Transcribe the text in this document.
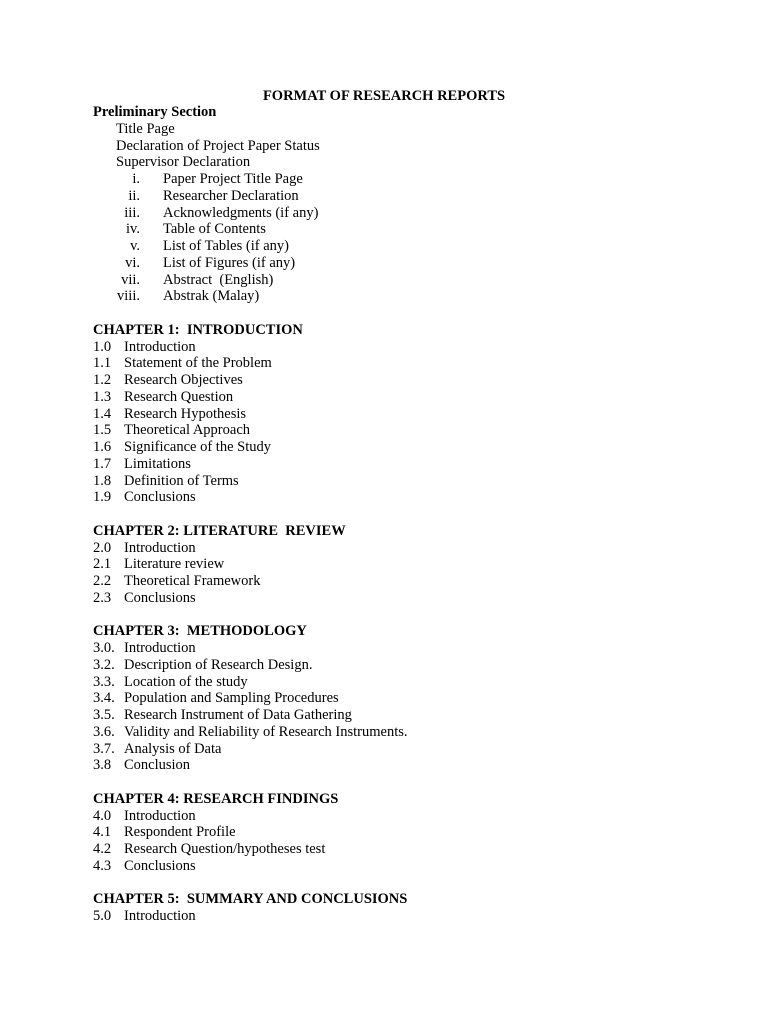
FORMAT OF RESEARCH REPORTS
Preliminary Section
Title Page
Declaration of Project Paper Status
Supervisor Declaration
i. Paper Project Title Page
ii. Researcher Declaration
iii. Acknowledgments (if any)
iv. Table of Contents
v. List of Tables (if any)
vi. List of Figures (if any)
vii. Abstract  (English)
viii. Abstrak (Malay)
CHAPTER 1:  INTRODUCTION
1.0 Introduction
1.1 Statement of the Problem
1.2 Research Objectives
1.3 Research Question
1.4 Research Hypothesis
1.5 Theoretical Approach
1.6 Significance of the Study
1.7 Limitations
1.8 Definition of Terms
1.9 Conclusions
CHAPTER 2: LITERATURE  REVIEW
2.0 Introduction
2.1 Literature review
2.2 Theoretical Framework
2.3 Conclusions
CHAPTER 3:  METHODOLOGY
3.0. Introduction
3.2. Description of Research Design.
3.3. Location of the study
3.4. Population and Sampling Procedures
3.5. Research Instrument of Data Gathering
3.6. Validity and Reliability of Research Instruments.
3.7. Analysis of Data
3.8 Conclusion
CHAPTER 4: RESEARCH FINDINGS
4.0 Introduction
4.1 Respondent Profile
4.2 Research Question/hypotheses test
4.3 Conclusions
CHAPTER 5:  SUMMARY AND CONCLUSIONS
5.0 Introduction
